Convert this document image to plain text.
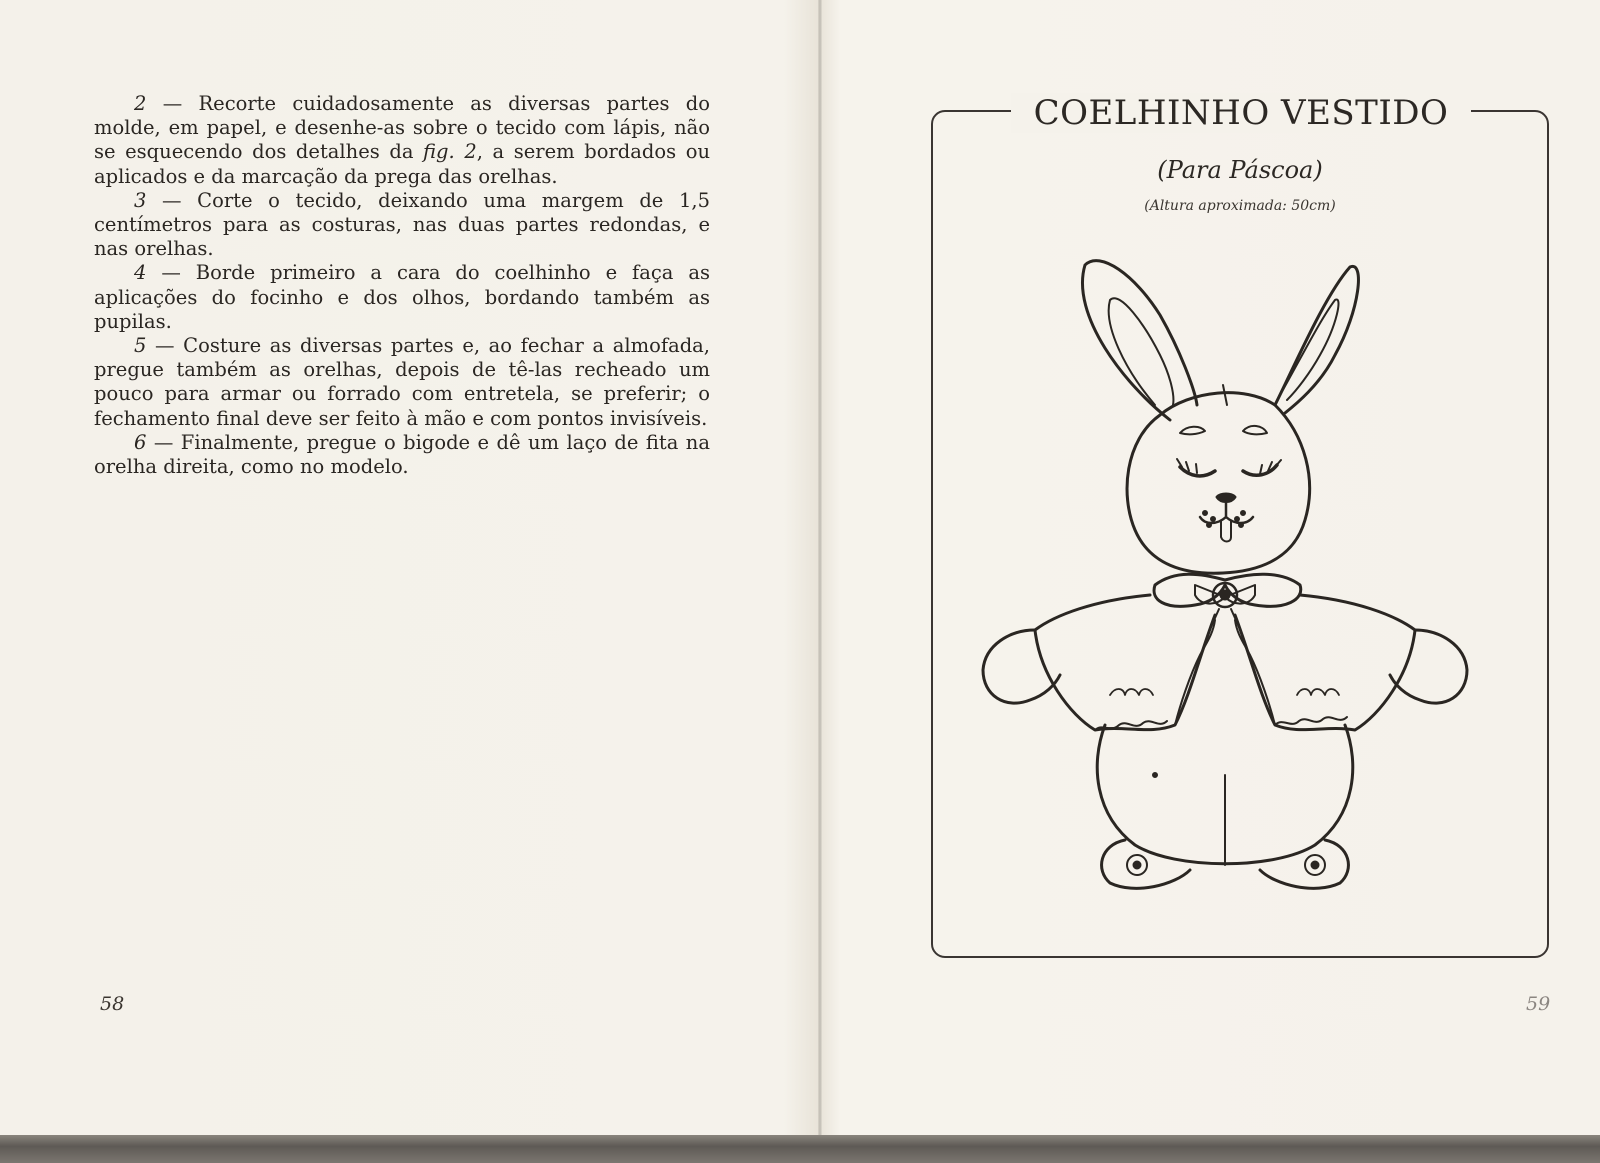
2 — Recorte cuidadosamente as diversas partes do molde, em papel, e desenhe-as sobre o tecido com lápis, não se esquecendo dos detalhes da fig. 2, a serem bordados ou aplicados e da marcação da prega das orelhas.

3 — Corte o tecido, deixando uma margem de 1,5 centímetros para as costuras, nas duas partes redondas, e nas orelhas.

4 — Borde primeiro a cara do coelhinho e faça as aplicações do focinho e dos olhos, bordando também as pupilas.

5 — Costure as diversas partes e, ao fechar a almofada, pregue também as orelhas, depois de tê-las recheado um pouco para armar ou forrado com entretela, se preferir; o fechamento final deve ser feito à mão e com pontos invisíveis.

6 — Finalmente, pregue o bigode e dê um laço de fita na orelha direita, como no modelo.

58
COELHINHO VESTIDO
(Para Páscoa)
(Altura aproximada: 50cm)
59
